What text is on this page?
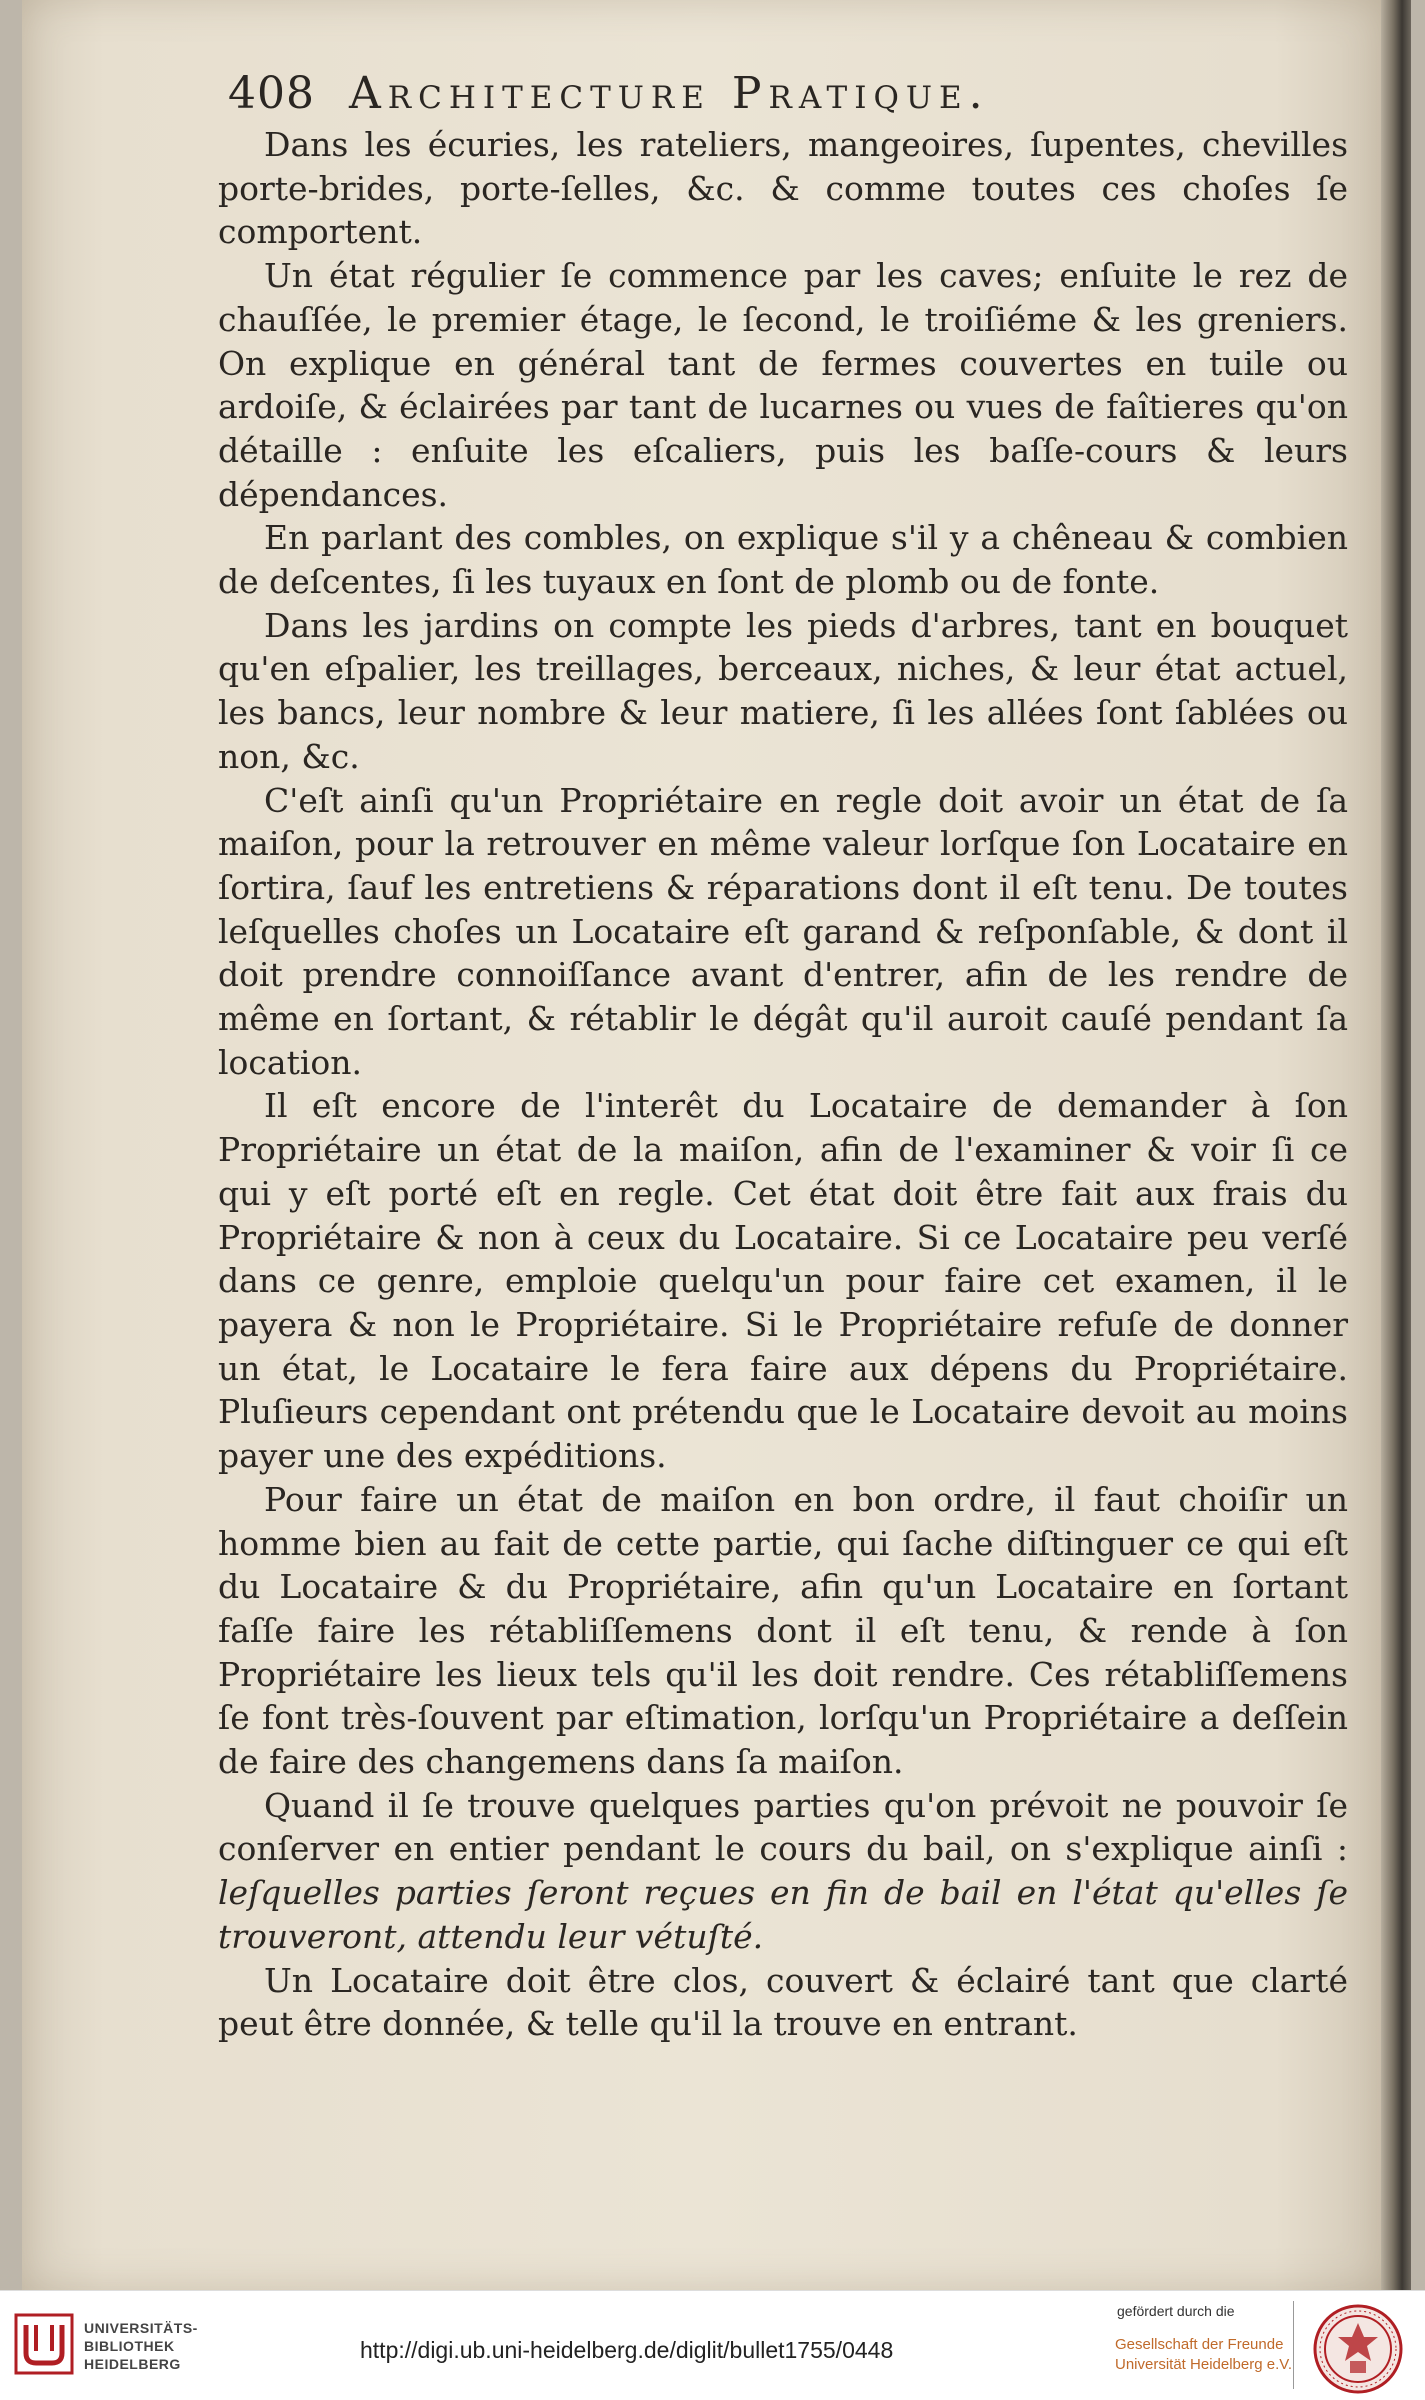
408 Architecture Pratique.

Dans les écuries, les rateliers, mangeoires, ſupentes, chevilles porte-brides, porte-ſelles, &c. & comme toutes ces choſes ſe comportent.

Un état régulier ſe commence par les caves; enſuite le rez de chauſſée, le premier étage, le ſecond, le troiſiéme & les greniers. On explique en général tant de fermes couvertes en tuile ou ardoiſe, & éclairées par tant de lucarnes ou vues de faîtieres qu'on détaille : enſuite les eſcaliers, puis les baſſe-cours & leurs dépendances.

En parlant des combles, on explique s'il y a chêneau & combien de deſcentes, ſi les tuyaux en ſont de plomb ou de fonte.

Dans les jardins on compte les pieds d'arbres, tant en bouquet qu'en eſpalier, les treillages, berceaux, niches, & leur état actuel, les bancs, leur nombre & leur matiere, ſi les allées ſont ſablées ou non, &c.

C'eſt ainſi qu'un Propriétaire en regle doit avoir un état de ſa maiſon, pour la retrouver en même valeur lorſque ſon Locataire en ſortira, ſauf les entretiens & réparations dont il eſt tenu. De toutes leſquelles choſes un Locataire eſt garand & reſponſable, & dont il doit prendre connoiſſance avant d'entrer, afin de les rendre de même en ſortant, & rétablir le dégât qu'il auroit cauſé pendant ſa location.

Il eſt encore de l'interêt du Locataire de demander à ſon Propriétaire un état de la maiſon, afin de l'examiner & voir ſi ce qui y eſt porté eſt en regle. Cet état doit être fait aux frais du Propriétaire & non à ceux du Locataire. Si ce Locataire peu verſé dans ce genre, emploie quelqu'un pour faire cet examen, il le payera & non le Propriétaire. Si le Propriétaire refuſe de donner un état, le Locataire le fera faire aux dépens du Propriétaire. Pluſieurs cependant ont prétendu que le Locataire devoit au moins payer une des expéditions.

Pour faire un état de maiſon en bon ordre, il faut choiſir un homme bien au fait de cette partie, qui ſache diſtinguer ce qui eſt du Locataire & du Propriétaire, afin qu'un Locataire en ſortant faſſe faire les rétabliſſemens dont il eſt tenu, & rende à ſon Propriétaire les lieux tels qu'il les doit rendre. Ces rétabliſſemens ſe font très-ſouvent par eſtimation, lorſqu'un Propriétaire a deſſein de faire des changemens dans ſa maiſon.

Quand il ſe trouve quelques parties qu'on prévoit ne pouvoir ſe conſerver en entier pendant le cours du bail, on s'explique ainſi : leſquelles parties ſeront reçues en fin de bail en l'état qu'elles ſe trouveront, attendu leur vétuſté.

Un Locataire doit être clos, couvert & éclairé tant que clarté peut être donnée, & telle qu'il la trouve en entrant.

UNIVERSITÄTS-
BIBLIOTHEK
HEIDELBERG
http://digi.ub.uni-heidelberg.de/diglit/bullet1755/0448
gefördert durch die
Gesellschaft der Freunde
Universität Heidelberg e.V.
